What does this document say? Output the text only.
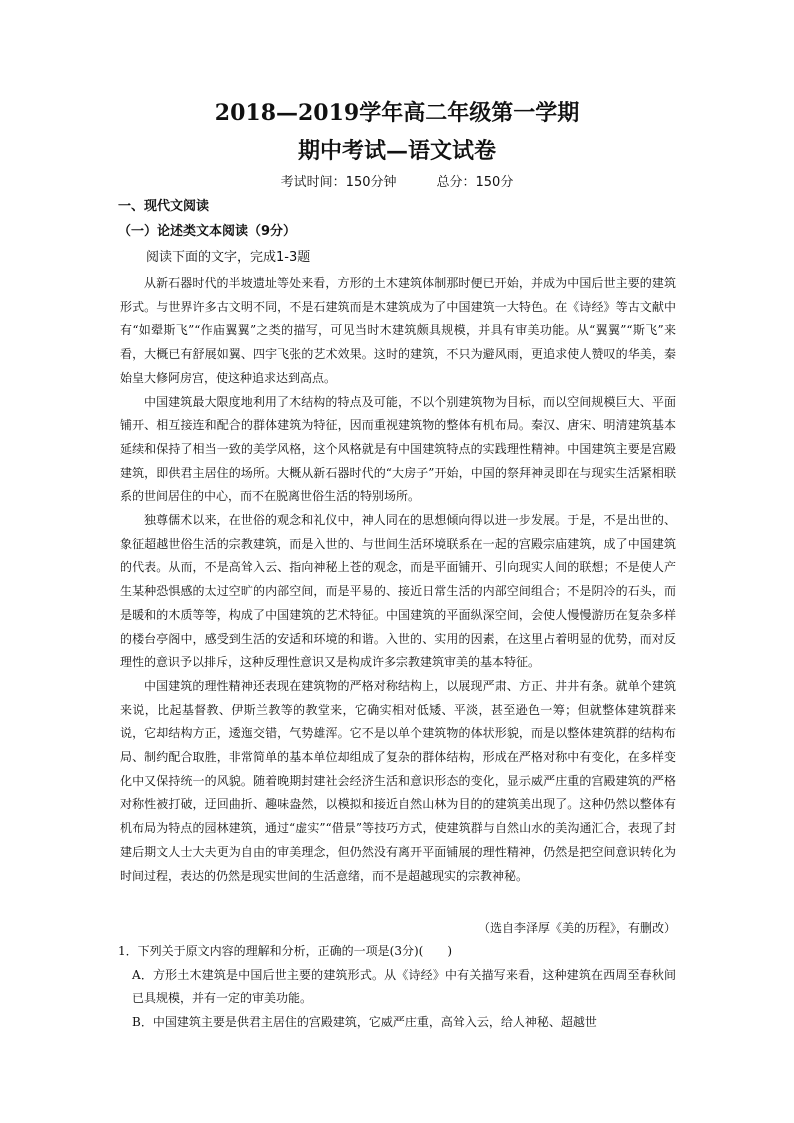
2018—2019学年高二年级第一学期
期中考试—语文试卷
考试时间：150分钟	总分：150分
一、现代文阅读
（一）论述类文本阅读（9分）
阅读下面的文字，完成1-3题

从新石器时代的半坡遗址等处来看，方形的土木建筑体制那时便已开始，并成为中国后世主要的建筑形式。与世界许多古文明不同，不是石建筑而是木建筑成为了中国建筑一大特色。在《诗经》等古文献中有“如翚斯飞”“作庙翼翼”之类的描写，可见当时木建筑颇具规模，并具有审美功能。从“翼翼”“斯飞”来看，大概已有舒展如翼、四宇飞张的艺术效果。这时的建筑，不只为避风雨，更追求使人赞叹的华美，秦始皇大修阿房宫，使这种追求达到高点。

中国建筑最大限度地利用了木结构的特点及可能，不以个别建筑物为目标，而以空间规模巨大、平面铺开、相互接连和配合的群体建筑为特征，因而重视建筑物的整体有机布局。秦汉、唐宋、明清建筑基本延续和保持了相当一致的美学风格，这个风格就是有中国建筑特点的实践理性精神。中国建筑主要是宫殿建筑，即供君主居住的场所。大概从新石器时代的“大房子”开始，中国的祭拜神灵即在与现实生活紧相联系的世间居住的中心，而不在脱离世俗生活的特别场所。

独尊儒术以来，在世俗的观念和礼仪中，神人同在的思想倾向得以进一步发展。于是，不是出世的、象征超越世俗生活的宗教建筑，而是入世的、与世间生活环境联系在一起的宫殿宗庙建筑，成了中国建筑的代表。从而，不是高耸入云、指向神秘上苍的观念，而是平面铺开、引向现实人间的联想；不是使人产生某种恐惧感的太过空旷的内部空间，而是平易的、接近日常生活的内部空间组合；不是阴冷的石头，而是暖和的木质等等，构成了中国建筑的艺术特征。中国建筑的平面纵深空间，会使人慢慢游历在复杂多样的楼台亭阁中，感受到生活的安适和环境的和谐。入世的、实用的因素，在这里占着明显的优势，而对反理性的意识予以排斥，这种反理性意识又是构成许多宗教建筑审美的基本特征。

中国建筑的理性精神还表现在建筑物的严格对称结构上，以展现严肃、方正、井井有条。就单个建筑来说，比起基督教、伊斯兰教等的教堂来，它确实相对低矮、平淡，甚至逊色一筹；但就整体建筑群来说，它却结构方正，逶迤交错，气势雄浑。它不是以单个建筑物的体状形貌，而是以整体建筑群的结构布局、制约配合取胜，非常简单的基本单位却组成了复杂的群体结构，形成在严格对称中有变化，在多样变化中又保持统一的风貌。随着晚期封建社会经济生活和意识形态的变化，显示威严庄重的宫殿建筑的严格对称性被打破，迂回曲折、趣味盎然，以模拟和接近自然山林为目的的建筑美出现了。这种仍然以整体有机布局为特点的园林建筑，通过“虚实”“借景”等技巧方式，使建筑群与自然山水的美沟通汇合，表现了封建后期文人士大夫更为自由的审美理念，但仍然没有离开平面铺展的理性精神，仍然是把空间意识转化为时间过程，表达的仍然是现实世间的生活意绪，而不是超越现实的宗教神秘。

（选自李泽厚《美的历程》，有删改）

1．下列关于原文内容的理解和分析，正确的一项是(3分)(　　)

A．方形土木建筑是中国后世主要的建筑形式。从《诗经》中有关描写来看，这种建筑在西周至春秋间已具规模，并有一定的审美功能。

B．中国建筑主要是供君主居住的宫殿建筑，它威严庄重，高耸入云，给人神秘、超越世
